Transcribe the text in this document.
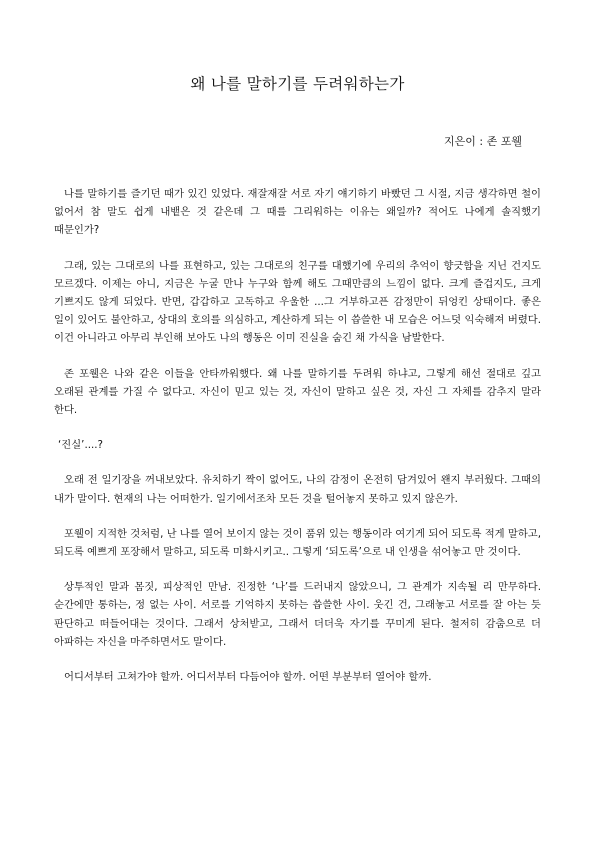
왜 나를 말하기를 두려워하는가

지은이 : 존 포웰

나를 말하기를 즐기던 때가 있긴 있었다. 재잘재잘 서로 자기 얘기하기 바빴던 그 시절, 지금 생각하면 철이 없어서 참 말도 쉽게 내뱉은 것 같은데 그 때를 그리워하는 이유는 왜일까? 적어도 나에게 솔직했기 때문인가?

그래, 있는 그대로의 나를 표현하고, 있는 그대로의 친구를 대했기에 우리의 추억이 향긋함을 지닌 건지도 모르겠다. 이제는 아니, 지금은 누굴 만나 누구와 함께 해도 그때만큼의 느낌이 없다. 크게 즐겁지도, 크게 기쁘지도 않게 되었다. 반면, 갑갑하고 고독하고 우울한 ...그 거부하고픈 감정만이 뒤엉킨 상태이다. 좋은 일이 있어도 불안하고, 상대의 호의를 의심하고, 계산하게 되는 이 씁쓸한 내 모습은 어느덧 익숙해져 버렸다. 이건 아니라고 아무리 부인해 보아도 나의 행동은 이미 진실을 숨긴 채 가식을 남발한다.

존 포웰은 나와 같은 이들을 안타까워했다. 왜 나를 말하기를 두려워 하냐고, 그렇게 해선 절대로 깊고 오래된 관계를 가질 수 없다고. 자신이 믿고 있는 것, 자신이 말하고 싶은 것, 자신 그 자체를 감추지 말라 한다.

‘진실’....?

오래 전 일기장을 꺼내보았다. 유치하기 짝이 없어도, 나의 감정이 온전히 담겨있어 왠지 부러웠다. 그때의 내가 말이다. 현재의 나는 어떠한가. 일기에서조차 모든 것을 털어놓지 못하고 있지 않은가.

포웰이 지적한 것처럼, 난 나를 열어 보이지 않는 것이 품위 있는 행동이라 여기게 되어 되도록 적게 말하고, 되도록 예쁘게 포장해서 말하고, 되도록 미화시키고.. 그렇게 ‘되도록’으로 내 인생을 섞어놓고 만 것이다.

상투적인 말과 몸짓, 피상적인 만남. 진정한 ‘나’를 드러내지 않았으니, 그 관계가 지속될 리 만무하다. 순간에만 통하는, 정 없는 사이. 서로를 기억하지 못하는 씁쓸한 사이. 웃긴 건, 그래놓고 서로를 잘 아는 듯 판단하고 떠들어대는 것이다. 그래서 상처받고, 그래서 더더욱 자기를 꾸미게 된다. 철저히 감춤으로 더 아파하는 자신을 마주하면서도 말이다.

어디서부터 고쳐가야 할까. 어디서부터 다듬어야 할까. 어떤 부분부터 열어야 할까.
